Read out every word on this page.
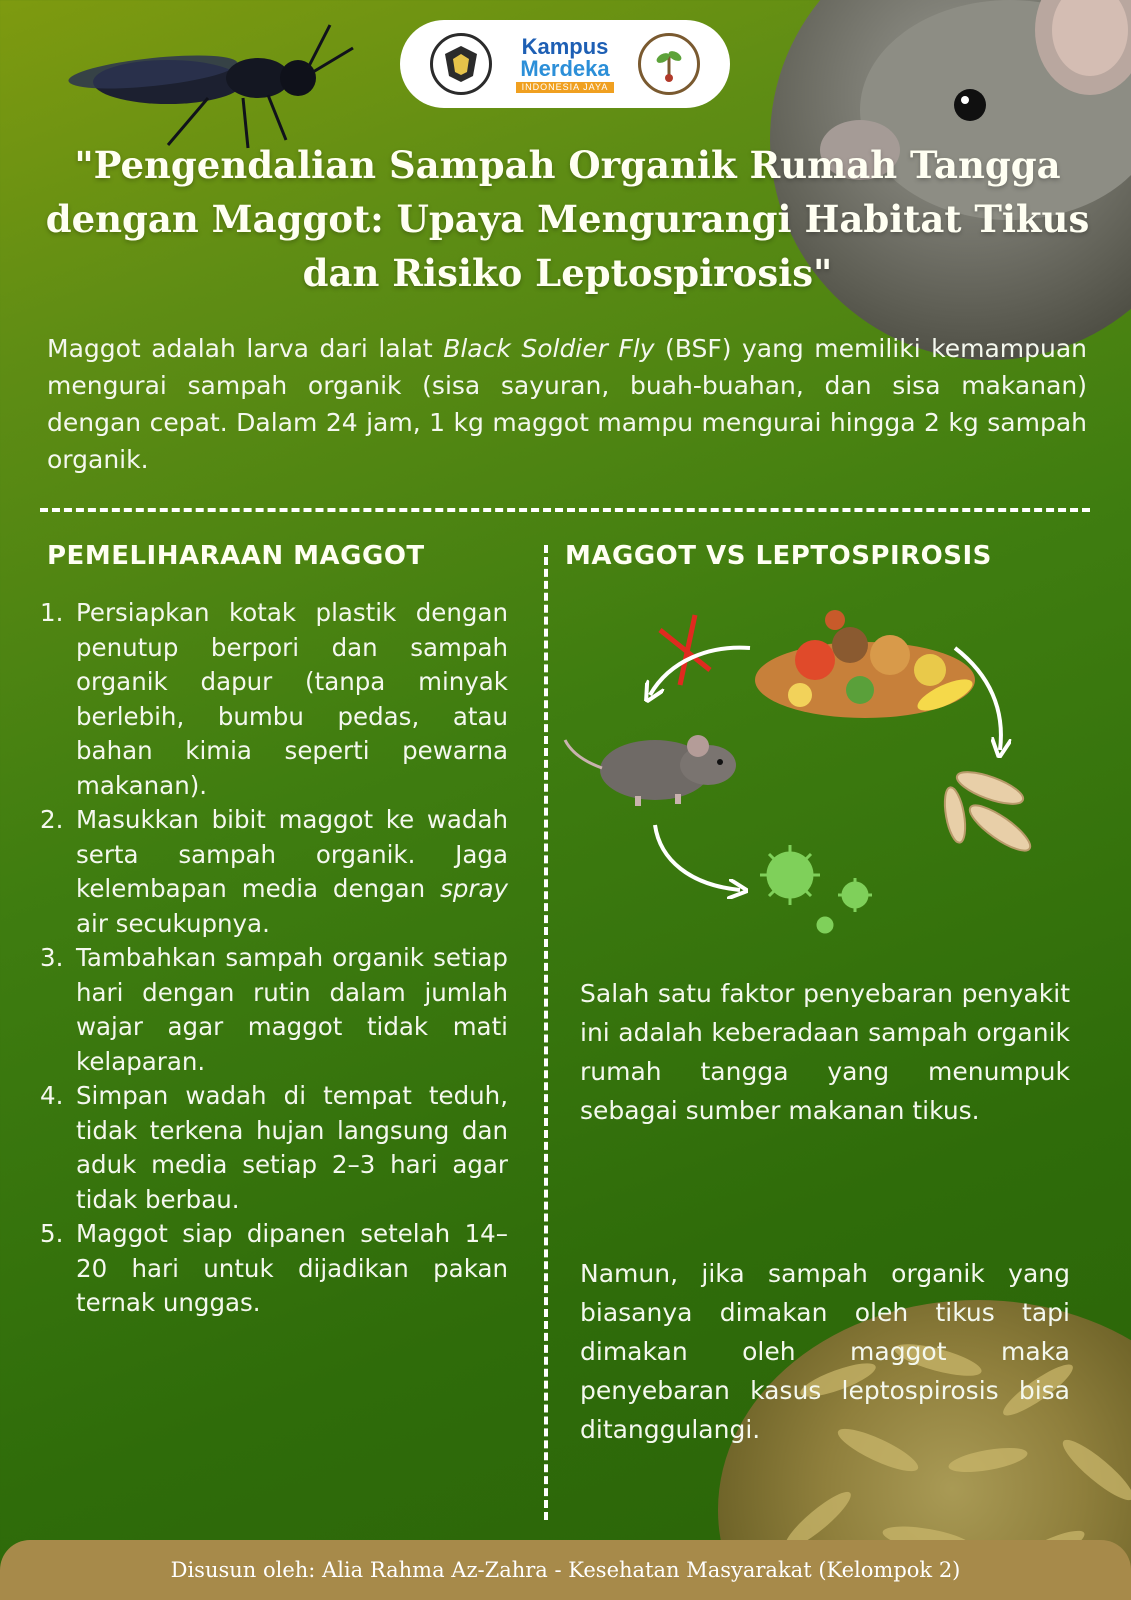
Kampus
Merdeka
INDONESIA JAYA
"Pengendalian Sampah Organik Rumah Tangga dengan Maggot: Upaya Mengurangi Habitat Tikus dan Risiko Leptospirosis"

Maggot adalah larva dari lalat Black Soldier Fly (BSF) yang memiliki kemampuan mengurai sampah organik (sisa sayuran, buah-buahan, dan sisa makanan) dengan cepat. Dalam 24 jam, 1 kg maggot mampu mengurai hingga 2 kg sampah organik.

PEMELIHARAAN MAGGOT
1. Persiapkan kotak plastik dengan penutup berpori dan sampah organik dapur (tanpa minyak berlebih, bumbu pedas, atau bahan kimia seperti pewarna makanan).
2. Masukkan bibit maggot ke wadah serta sampah organik. Jaga kelembapan media dengan spray air secukupnya.
3. Tambahkan sampah organik setiap hari dengan rutin dalam jumlah wajar agar maggot tidak mati kelaparan.
4. Simpan wadah di tempat teduh, tidak terkena hujan langsung dan aduk media setiap 2–3 hari agar tidak berbau.
5. Maggot siap dipanen setelah 14–20 hari untuk dijadikan pakan ternak unggas.
MAGGOT VS LEPTOSPIROSIS

Salah satu faktor penyebaran penyakit ini adalah keberadaan sampah organik rumah tangga yang menumpuk sebagai sumber makanan tikus.

Namun, jika sampah organik yang biasanya dimakan oleh tikus tapi dimakan oleh maggot maka penyebaran kasus leptospirosis bisa ditanggulangi.

Disusun oleh: Alia Rahma Az-Zahra - Kesehatan Masyarakat (Kelompok 2)
